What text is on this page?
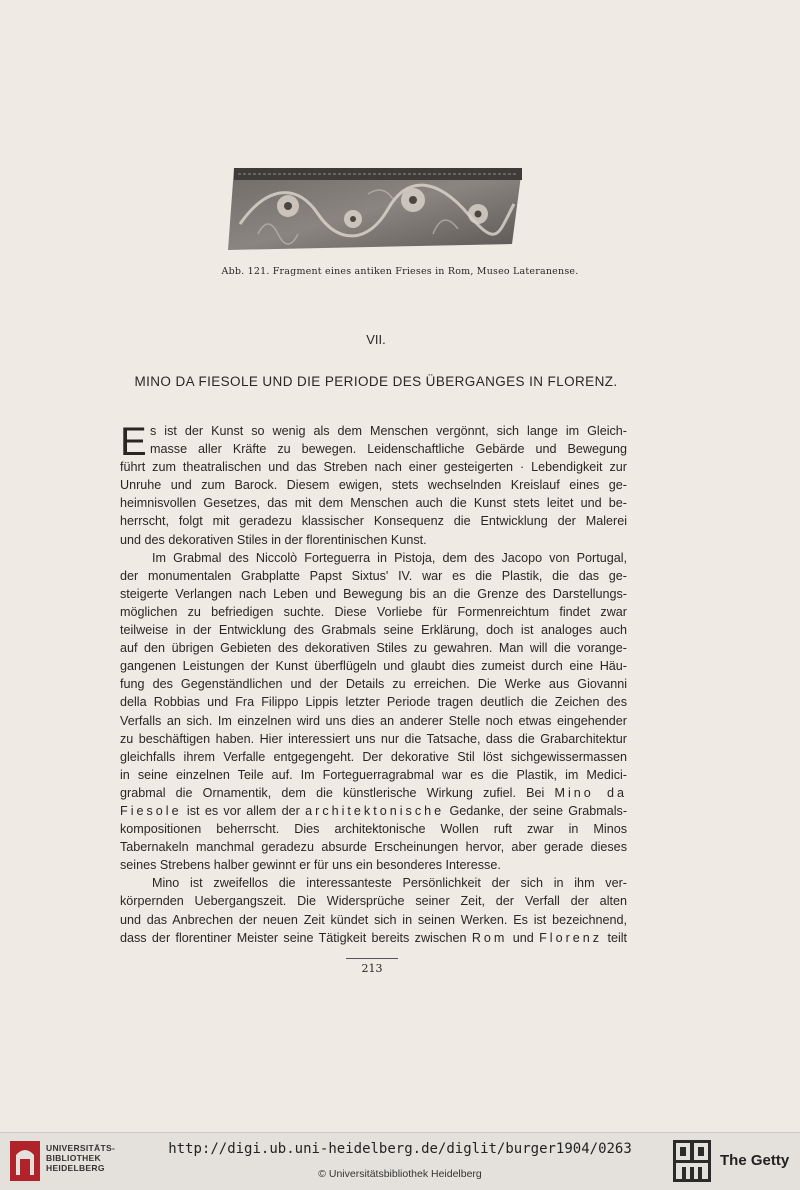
Abb. 121. Fragment eines antiken Frieses in Rom, Museo Lateranense.
VII.
MINO DA FIESOLE UND DIE PERIODE DES ÜBERGANGES IN FLORENZ.
E s ist der Kunst so wenig als dem Menschen vergönnt, sich lange im Gleich-
masse aller Kräfte zu bewegen. Leidenschaftliche Gebärde und Bewegung
führt zum theatralischen und das Streben nach einer gesteigerten · Lebendigkeit zur
Unruhe und zum Barock. Diesem ewigen, stets wechselnden Kreislauf eines ge-
heimnisvollen Gesetzes, das mit dem Menschen auch die Kunst stets leitet und be-
herrscht, folgt mit geradezu klassischer Konsequenz die Entwicklung der Malerei
und des dekorativen Stiles in der florentinischen Kunst.
Im Grabmal des Niccolò Forteguerra in Pistoja, dem des Jacopo von Portugal,
der monumentalen Grabplatte Papst Sixtus' IV. war es die Plastik, die das ge-
steigerte Verlangen nach Leben und Bewegung bis an die Grenze des Darstellungs-
möglichen zu befriedigen suchte. Diese Vorliebe für Formenreichtum findet zwar
teilweise in der Entwicklung des Grabmals seine Erklärung, doch ist analoges auch
auf den übrigen Gebieten des dekorativen Stiles zu gewahren. Man will die vorange-
gangenen Leistungen der Kunst überflügeln und glaubt dies zumeist durch eine Häu-
fung des Gegenständlichen und der Details zu erreichen. Die Werke aus Giovanni
della Robbias und Fra Filippo Lippis letzter Periode tragen deutlich die Zeichen des
Verfalls an sich. Im einzelnen wird uns dies an anderer Stelle noch etwas eingehender
zu beschäftigen haben. Hier interessiert uns nur die Tatsache, dass die Grabarchitektur
gleichfalls ihrem Verfalle entgegengeht. Der dekorative Stil löst sichgewissermassen
in seine einzelnen Teile auf. Im Forteguerragrabmal war es die Plastik, im Medici-
grabmal die Ornamentik, dem die künstlerische Wirkung zufiel. Bei Mino da
Fiesole ist es vor allem der architektonische Gedanke, der seine Grabmals-
kompositionen beherrscht. Dies architektonische Wollen ruft zwar in Minos
Tabernakeln manchmal geradezu absurde Erscheinungen hervor, aber gerade dieses
seines Strebens halber gewinnt er für uns ein besonderes Interesse.
Mino ist zweifellos die interessanteste Persönlichkeit der sich in ihm ver-
körpernden Uebergangszeit. Die Widersprüche seiner Zeit, der Verfall der alten
und das Anbrechen der neuen Zeit kündet sich in seinen Werken. Es ist bezeichnend,
dass der florentiner Meister seine Tätigkeit bereits zwischen Rom und Florenz teilt
213
UNIVERSITÄTS-
BIBLIOTHEK
HEIDELBERG
http://digi.ub.uni-heidelberg.de/diglit/burger1904/0263
© Universitätsbibliothek Heidelberg
The Getty
